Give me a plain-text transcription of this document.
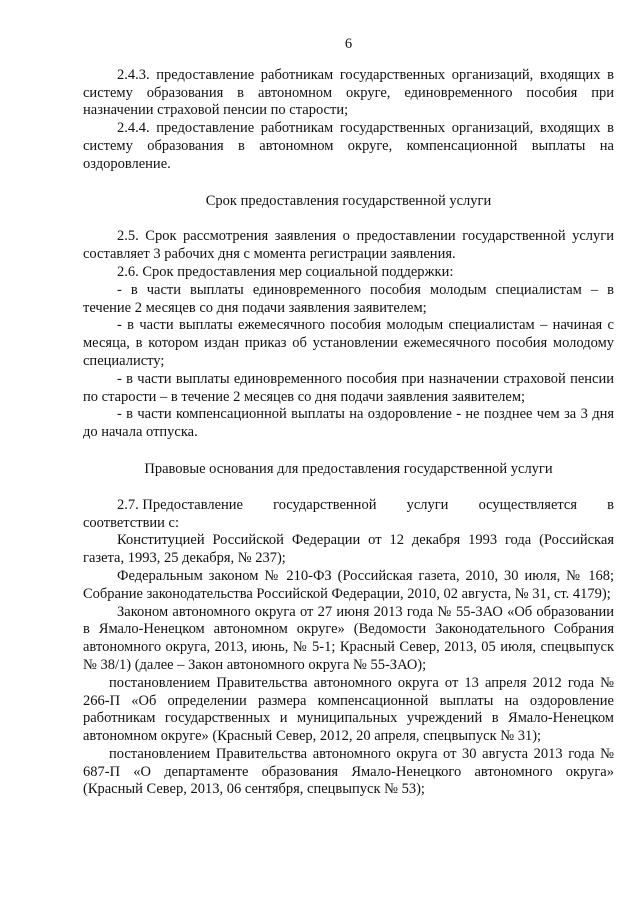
6

2.4.3. предоставление работникам государственных организаций, входящих в систему образования в автономном округе, единовременного пособия при назначении страховой пенсии по старости;

2.4.4. предоставление работникам государственных организаций, входящих в систему образования в автономном округе, компенсационной выплаты на оздоровление.

Срок предоставления государственной услуги

2.5. Срок рассмотрения заявления о предоставлении государственной услуги составляет 3 рабочих дня с момента регистрации заявления.

2.6. Срок предоставления мер социальной поддержки:

- в части выплаты единовременного пособия молодым специалистам – в течение 2 месяцев со дня подачи заявления заявителем;

- в части выплаты ежемесячного пособия молодым специалистам – начиная с месяца, в котором издан приказ об установлении ежемесячного пособия молодому специалисту;

- в части выплаты единовременного пособия при назначении страховой пенсии по старости – в течение 2 месяцев со дня подачи заявления заявителем;

- в части компенсационной выплаты на оздоровление - не позднее чем за 3 дня до начала отпуска.

Правовые основания для предоставления государственной услуги
2.7. Предоставление государственной услуги осуществляется в

соответствии с:

Конституцией Российской Федерации от 12 декабря 1993 года (Российская газета, 1993, 25 декабря, № 237);

Федеральным законом № 210-ФЗ (Российская газета, 2010, 30 июля, № 168; Собрание законодательства Российской Федерации, 2010, 02 августа, № 31, ст. 4179);

Законом автономного округа от 27 июня 2013 года № 55-ЗАО «Об образовании в Ямало-Ненецком автономном округе» (Ведомости Законодательного Собрания автономного округа, 2013, июнь, № 5-1; Красный Север, 2013, 05 июля, спецвыпуск № 38/1) (далее – Закон автономного округа № 55-ЗАО);

постановлением Правительства автономного округа от 13 апреля 2012 года № 266-П «Об определении размера компенсационной выплаты на оздоровление работникам государственных и муниципальных учреждений в Ямало-Ненецком автономном округе» (Красный Север, 2012, 20 апреля, спецвыпуск № 31);

постановлением Правительства автономного округа от 30 августа 2013 года № 687-П «О департаменте образования Ямало-Ненецкого автономного округа» (Красный Север, 2013, 06 сентября, спецвыпуск № 53);
